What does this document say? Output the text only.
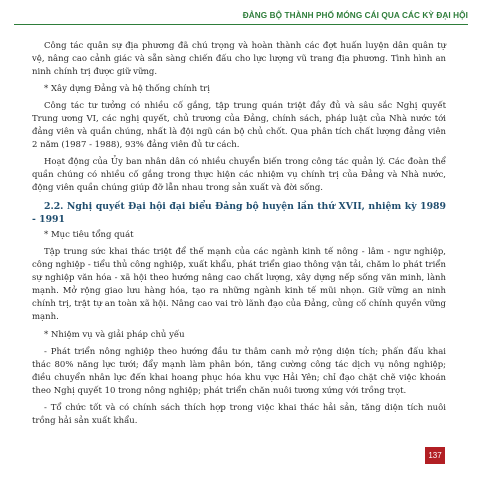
ĐẢNG BỘ THÀNH PHỐ MÓNG CÁI QUA CÁC KỲ ĐẠI HỘI

Công tác quân sự địa phương đã chú trọng và hoàn thành các đợt huấn luyện dân quân tự vệ, nâng cao cảnh giác và sẵn sàng chiến đấu cho lực lượng vũ trang địa phương. Tình hình an ninh chính trị được giữ vững.

* Xây dựng Đảng và hệ thống chính trị

Công tác tư tưởng có nhiều cố gắng, tập trung quán triệt đầy đủ và sâu sắc Nghị quyết Trung ương VI, các nghị quyết, chủ trương của Đảng, chính sách, pháp luật của Nhà nước tới đảng viên và quần chúng, nhất là đội ngũ cán bộ chủ chốt. Qua phân tích chất lượng đảng viên 2 năm (1987 - 1988), 93% đảng viên đủ tư cách.

Hoạt động của Ủy ban nhân dân có nhiều chuyển biến trong công tác quản lý. Các đoàn thể quần chúng có nhiều cố gắng trong thực hiện các nhiệm vụ chính trị của Đảng và Nhà nước, động viên quần chúng giúp đỡ lẫn nhau trong sản xuất và đời sống.

2.2. Nghị quyết Đại hội đại biểu Đảng bộ huyện lần thứ XVII, nhiệm kỳ 1989 - 1991

* Mục tiêu tổng quát

Tập trung sức khai thác triệt để thế mạnh của các ngành kinh tế nông - lâm - ngư nghiệp, công nghiệp - tiểu thủ công nghiệp, xuất khẩu, phát triển giao thông vận tải, chăm lo phát triển sự nghiệp văn hóa - xã hội theo hướng nâng cao chất lượng, xây dựng nếp sống văn minh, lành mạnh. Mở rộng giao lưu hàng hóa, tạo ra những ngành kinh tế mũi nhọn. Giữ vững an ninh chính trị, trật tự an toàn xã hội. Nâng cao vai trò lãnh đạo của Đảng, củng cố chính quyền vững mạnh.

* Nhiệm vụ và giải pháp chủ yếu

- Phát triển nông nghiệp theo hướng đầu tư thâm canh mở rộng diện tích; phấn đấu khai thác 80% năng lực tưới; đẩy mạnh làm phân bón, tăng cường công tác dịch vụ nông nghiệp; điều chuyển nhân lực đến khai hoang phục hóa khu vực Hải Yên; chỉ đạo chặt chẽ việc khoán theo Nghị quyết 10 trong nông nghiệp; phát triển chăn nuôi tương xứng với trồng trọt.

- Tổ chức tốt và có chính sách thích hợp trong việc khai thác hải sản, tăng diện tích nuôi trồng hải sản xuất khẩu.

137
